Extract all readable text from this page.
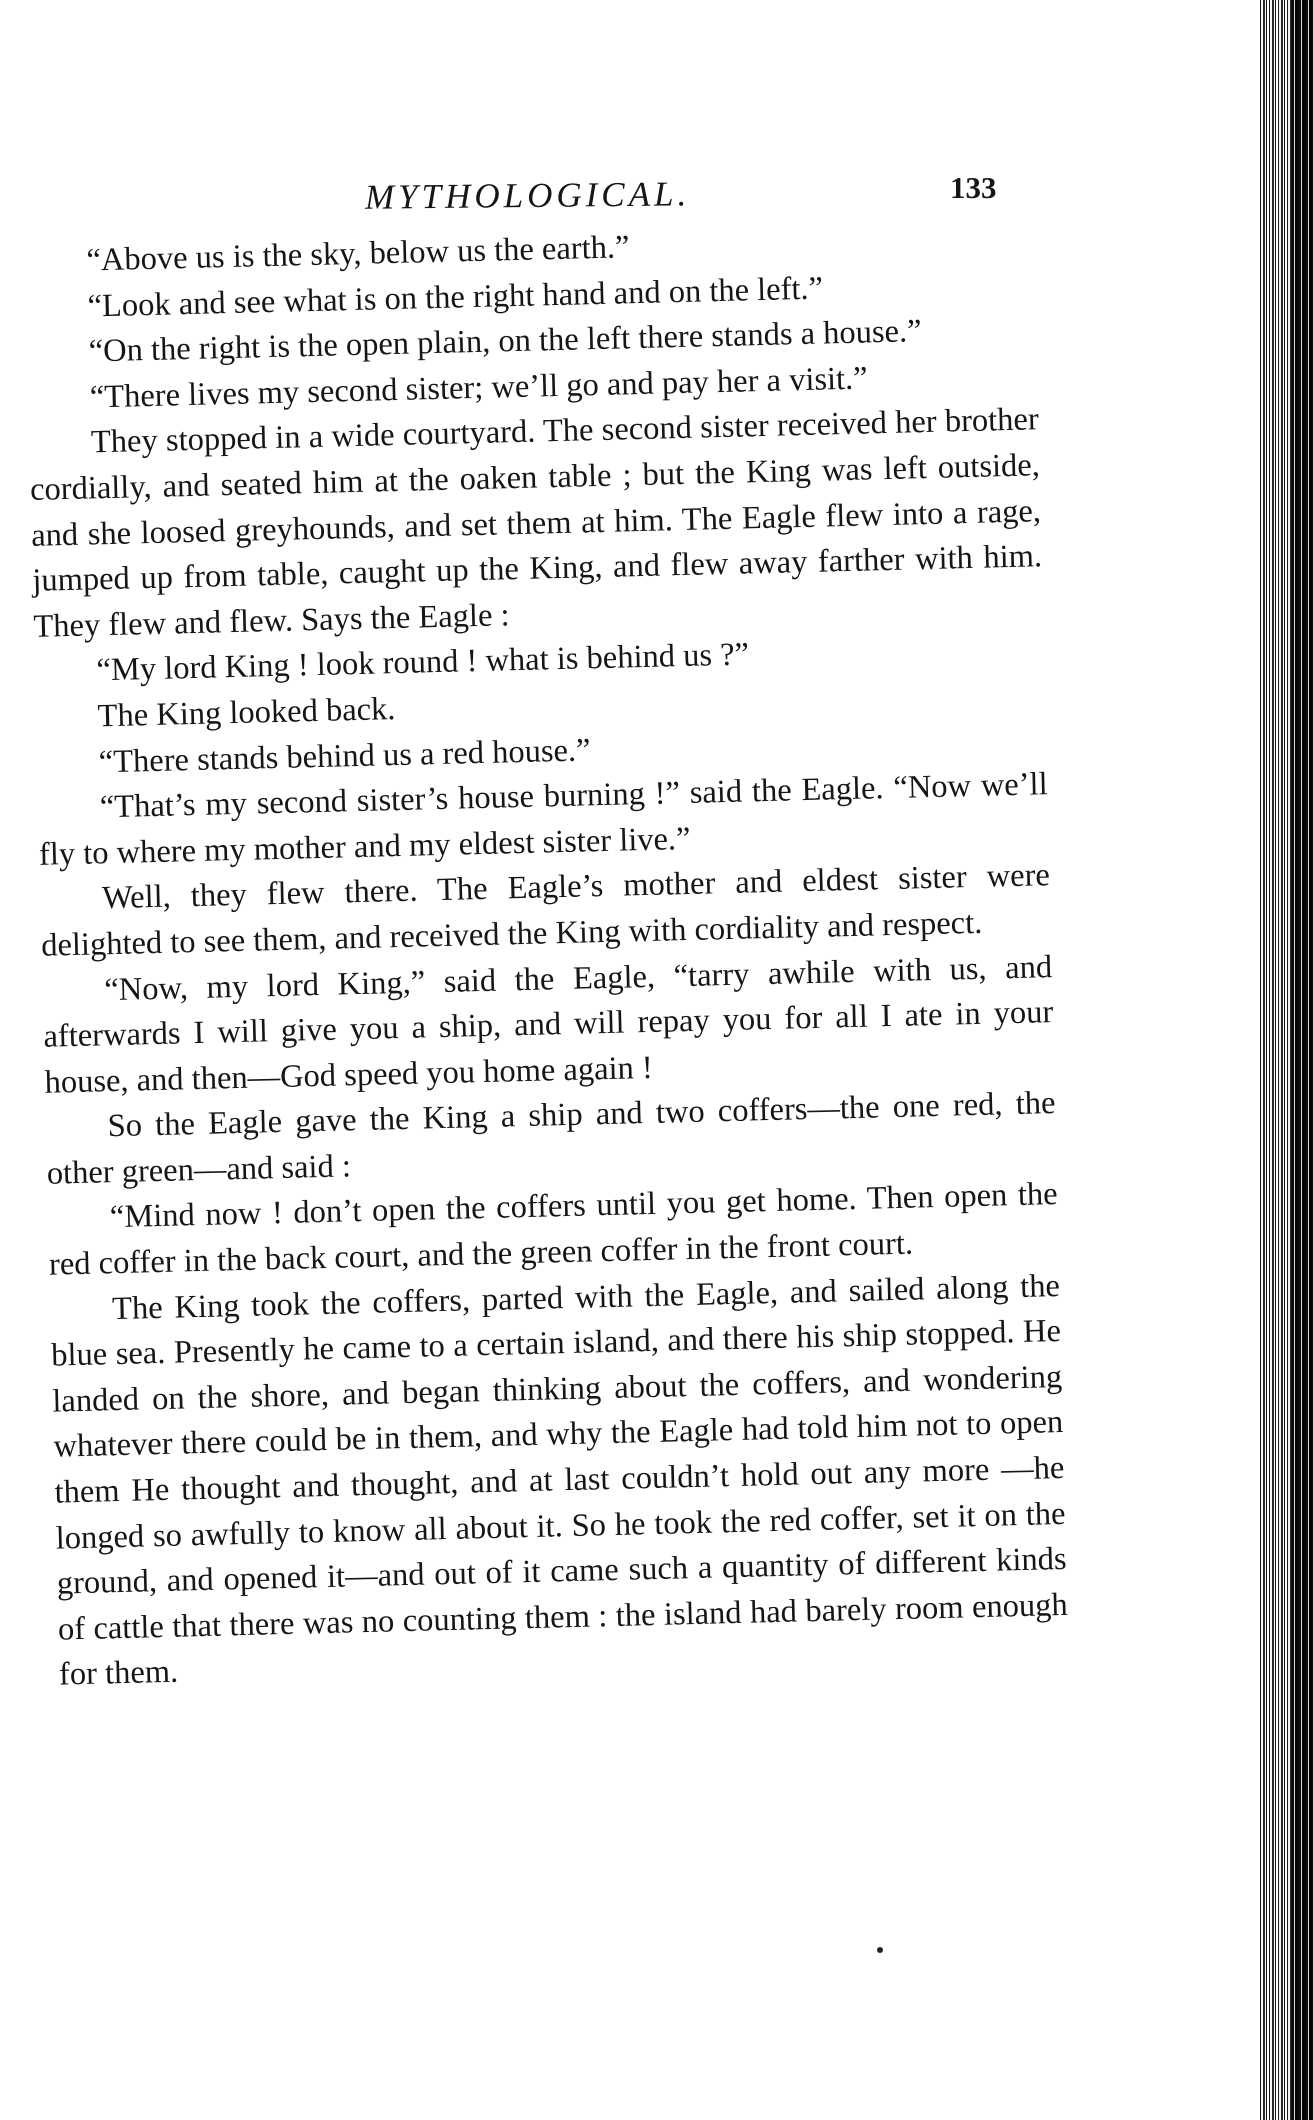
MYTHOLOGICAL.	133

“Above us is the sky, below us the earth.”

“Look and see what is on the right hand and on the left.”

“On the right is the open plain, on the left there stands a house.”

“There lives my second sister; we’ll go and pay her a visit.”

They stopped in a wide courtyard. The second sister received her brother cordially, and seated him at the oaken table ; but the King was left outside, and she loosed greyhounds, and set them at him. The Eagle flew into a rage, jumped up from table, caught up the King, and flew away farther with him. They flew and flew. Says the Eagle :

“My lord King ! look round ! what is behind us ?”

The King looked back.

“There stands behind us a red house.”

“That’s my second sister’s house burning !” said the Eagle. “Now we’ll fly to where my mother and my eldest sister live.”

Well, they flew there. The Eagle’s mother and eldest sister were delighted to see them, and received the King with cordiality and respect.

“Now, my lord King,” said the Eagle, “tarry awhile with us, and afterwards I will give you a ship, and will repay you for all I ate in your house, and then—God speed you home again !

So the Eagle gave the King a ship and two coffers—the one red, the other green—and said :

“Mind now ! don’t open the coffers until you get home. Then open the red coffer in the back court, and the green coffer in the front court.

The King took the coffers, parted with the Eagle, and sailed along the blue sea. Presently he came to a certain island, and there his ship stopped. He landed on the shore, and began thinking about the coffers, and wondering whatever there could be in them, and why the Eagle had told him not to open them He thought and thought, and at last couldn’t hold out any more —he longed so awfully to know all about it. So he took the red coffer, set it on the ground, and opened it—and out of it came such a quantity of different kinds of cattle that there was no counting them : the island had barely room enough for them.
